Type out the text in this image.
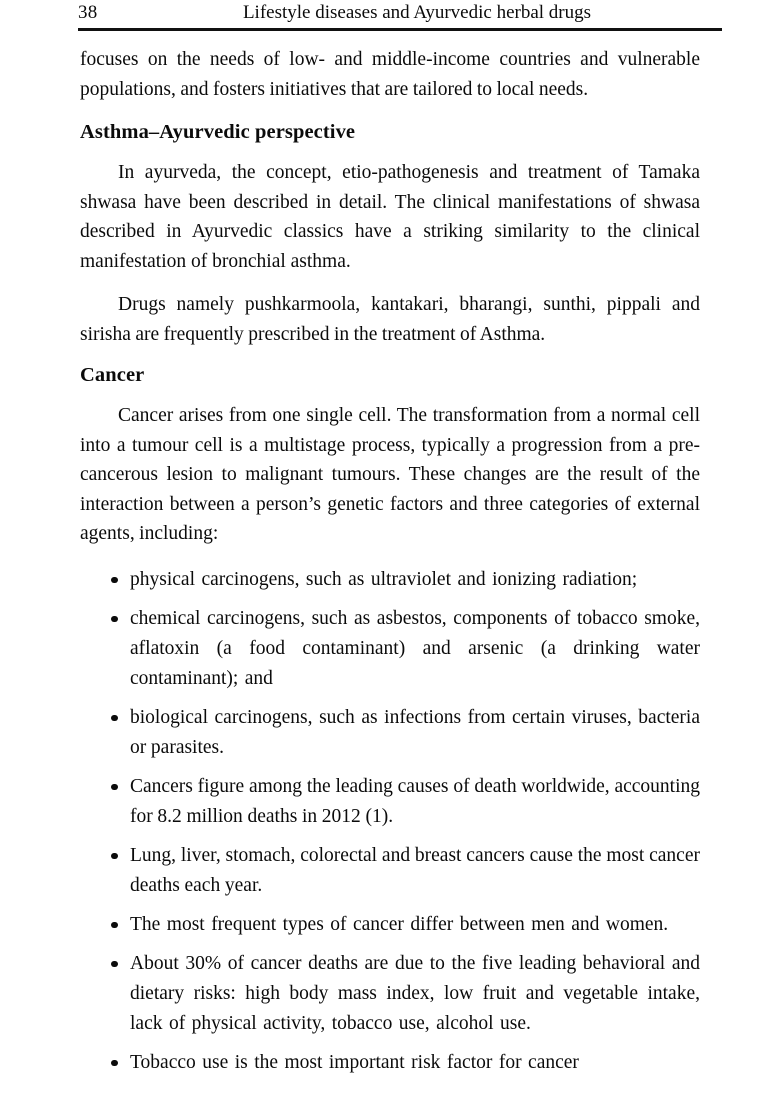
38	Lifestyle diseases and Ayurvedic herbal drugs

focuses on the needs of low- and middle-income countries and vulnerable populations, and fosters initiatives that are tailored to local needs.

Asthma–Ayurvedic perspective

In ayurveda, the concept, etio-pathogenesis and treatment of Tamaka shwasa have been described in detail. The clinical manifestations of shwasa described in Ayurvedic classics have a striking similarity to the clinical manifestation of bronchial asthma.

Drugs namely pushkarmoola, kantakari, bharangi, sunthi, pippali and sirisha are frequently prescribed in the treatment of Asthma.

Cancer

Cancer arises from one single cell. The transformation from a normal cell into a tumour cell is a multistage process, typically a progression from a pre-cancerous lesion to malignant tumours. These changes are the result of the interaction between a person’s genetic factors and three categories of external agents, including:

physical carcinogens, such as ultraviolet and ionizing radiation;
chemical carcinogens, such as asbestos, components of tobacco smoke, aflatoxin (a food contaminant) and arsenic (a drinking water contaminant); and
biological carcinogens, such as infections from certain viruses, bacteria or parasites.
Cancers figure among the leading causes of death worldwide, accounting for 8.2 million deaths in 2012 (1).
Lung, liver, stomach, colorectal and breast cancers cause the most cancer deaths each year.
The most frequent types of cancer differ between men and women.
About 30% of cancer deaths are due to the five leading behavioral and dietary risks: high body mass index, low fruit and vegetable intake, lack of physical activity, tobacco use, alcohol use.
Tobacco use is the most important risk factor for cancer
